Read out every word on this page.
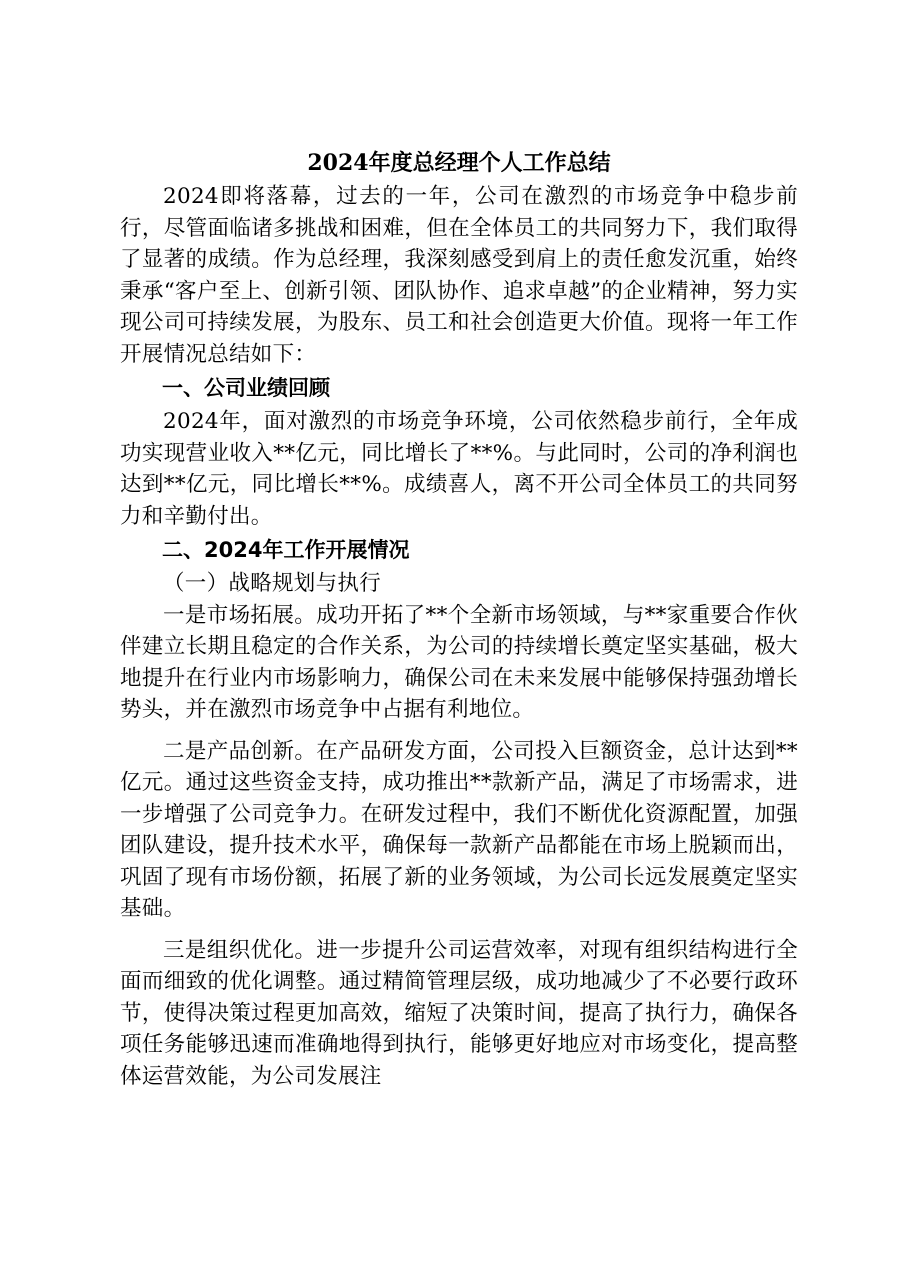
2024年度总经理个人工作总结

2024即将落幕，过去的一年，公司在激烈的市场竞争中稳步前行，尽管面临诸多挑战和困难，但在全体员工的共同努力下，我们取得了显著的成绩。作为总经理，我深刻感受到肩上的责任愈发沉重，始终秉承“客户至上、创新引领、团队协作、追求卓越”的企业精神，努力实现公司可持续发展，为股东、员工和社会创造更大价值。现将一年工作开展情况总结如下：

一、公司业绩回顾

2024年，面对激烈的市场竞争环境，公司依然稳步前行，全年成功实现营业收入**亿元，同比增长了**%。与此同时，公司的净利润也达到**亿元，同比增长**%。成绩喜人，离不开公司全体员工的共同努力和辛勤付出。

二、2024年工作开展情况

（一）战略规划与执行

一是市场拓展。成功开拓了**个全新市场领域，与**家重要合作伙伴建立长期且稳定的合作关系，为公司的持续增长奠定坚实基础，极大地提升在行业内市场影响力，确保公司在未来发展中能够保持强劲增长势头，并在激烈市场竞争中占据有利地位。

二是产品创新。在产品研发方面，公司投入巨额资金，总计达到**亿元。通过这些资金支持，成功推出**款新产品，满足了市场需求，进一步增强了公司竞争力。在研发过程中，我们不断优化资源配置，加强团队建设，提升技术水平，确保每一款新产品都能在市场上脱颖而出，巩固了现有市场份额，拓展了新的业务领域，为公司长远发展奠定坚实基础。

三是组织优化。进一步提升公司运营效率，对现有组织结构进行全面而细致的优化调整。通过精简管理层级，成功地减少了不必要行政环节，使得决策过程更加高效，缩短了决策时间，提高了执行力，确保各项任务能够迅速而准确地得到执行，能够更好地应对市场变化，提高整体运营效能，为公司发展注
